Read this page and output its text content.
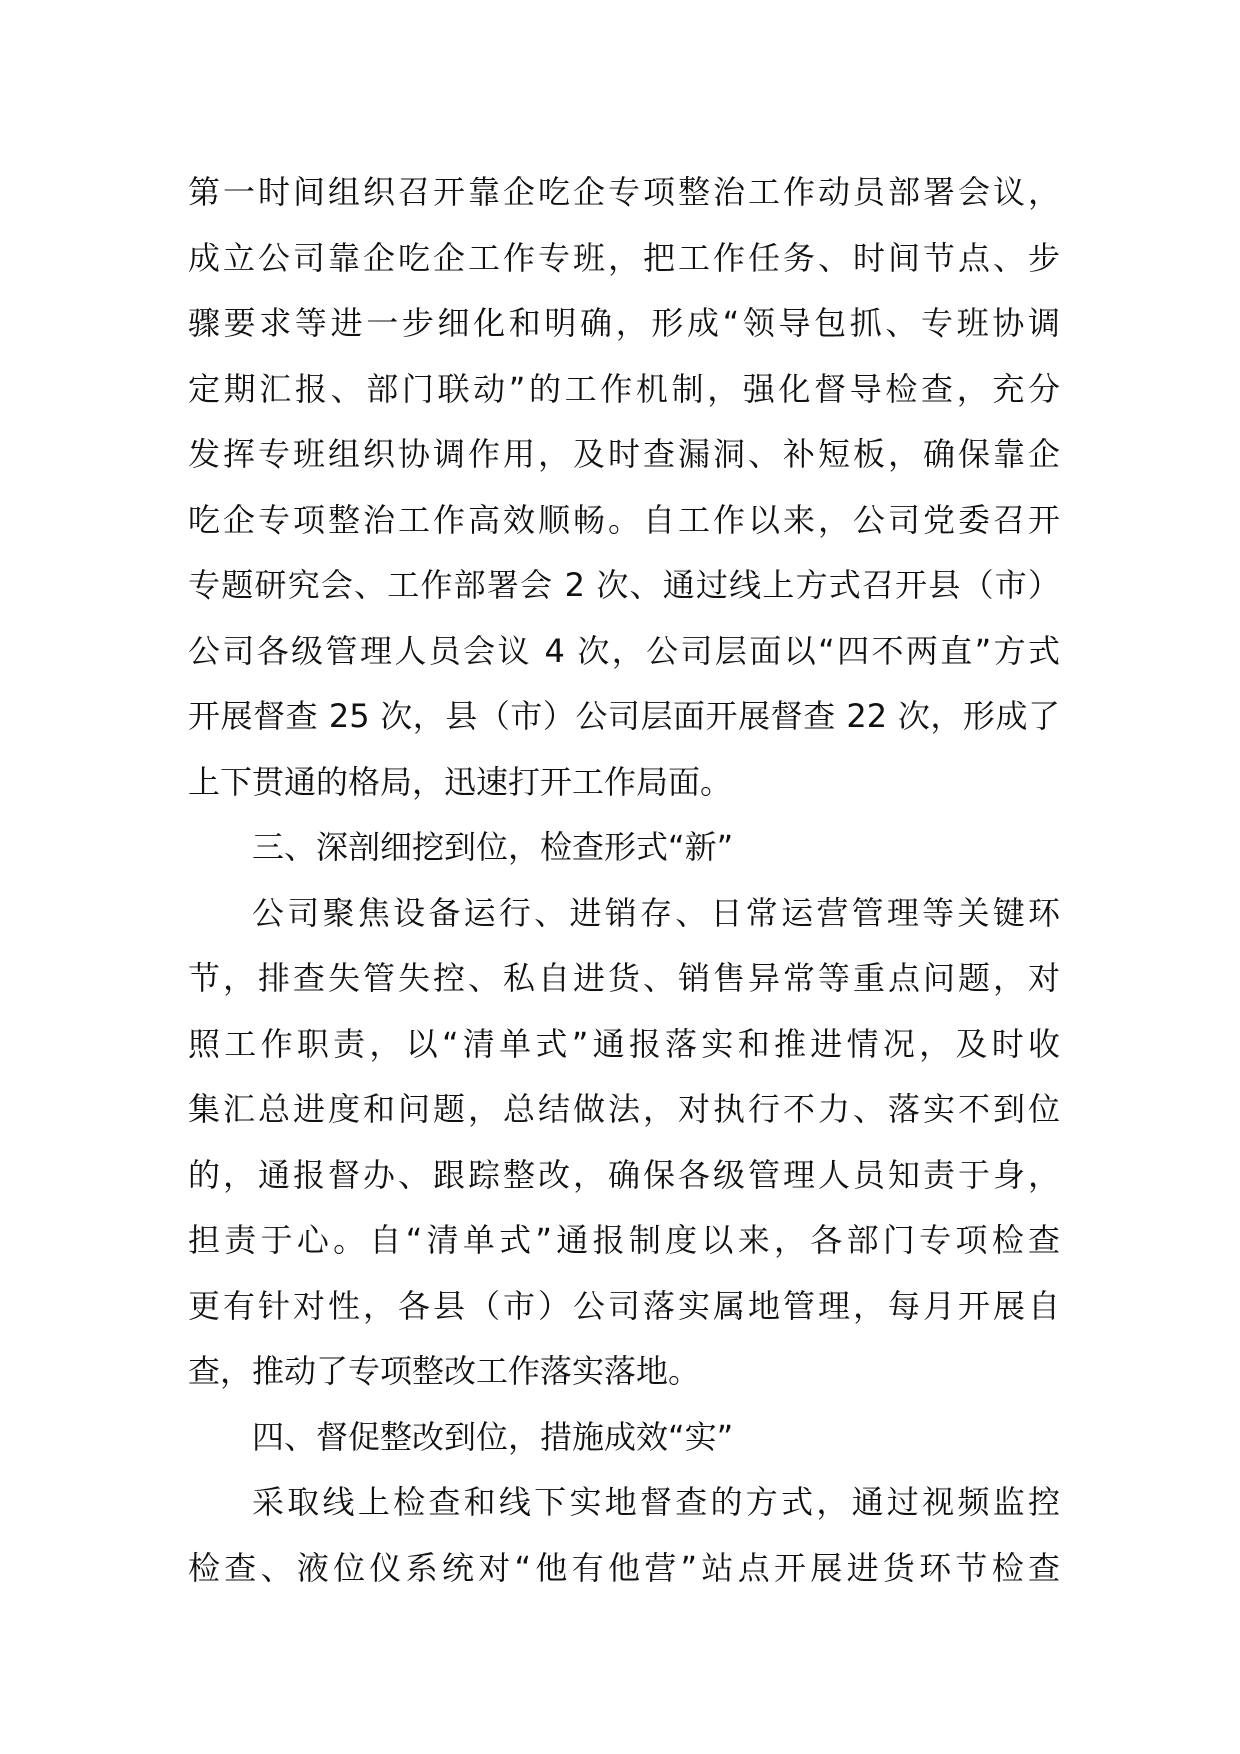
第一时间组织召开靠企吃企专项整治工作动员部署会议，
成立公司靠企吃企工作专班，把工作任务、时间节点、步
骤要求等进一步细化和明确，形成“领导包抓、专班协调
定期汇报、部门联动”的工作机制，强化督导检查，充分
发挥专班组织协调作用，及时查漏洞、补短板，确保靠企
吃企专项整治工作高效顺畅。自工作以来，公司党委召开
专题研究会、工作部署会 2 次、通过线上方式召开县（市）
公司各级管理人员会议 4 次，公司层面以“四不两直”方式
开展督查 25 次，县（市）公司层面开展督查 22 次，形成了
上下贯通的格局，迅速打开工作局面。
三、深剖细挖到位，检查形式“新”
公司聚焦设备运行、进销存、日常运营管理等关键环
节，排查失管失控、私自进货、销售异常等重点问题，对
照工作职责，以“清单式”通报落实和推进情况，及时收
集汇总进度和问题，总结做法，对执行不力、落实不到位
的，通报督办、跟踪整改，确保各级管理人员知责于身，
担责于心。自“清单式”通报制度以来，各部门专项检查
更有针对性，各县（市）公司落实属地管理，每月开展自
查，推动了专项整改工作落实落地。
四、督促整改到位，措施成效“实”
采取线上检查和线下实地督查的方式，通过视频监控
检查、液位仪系统对“他有他营”站点开展进货环节检查
